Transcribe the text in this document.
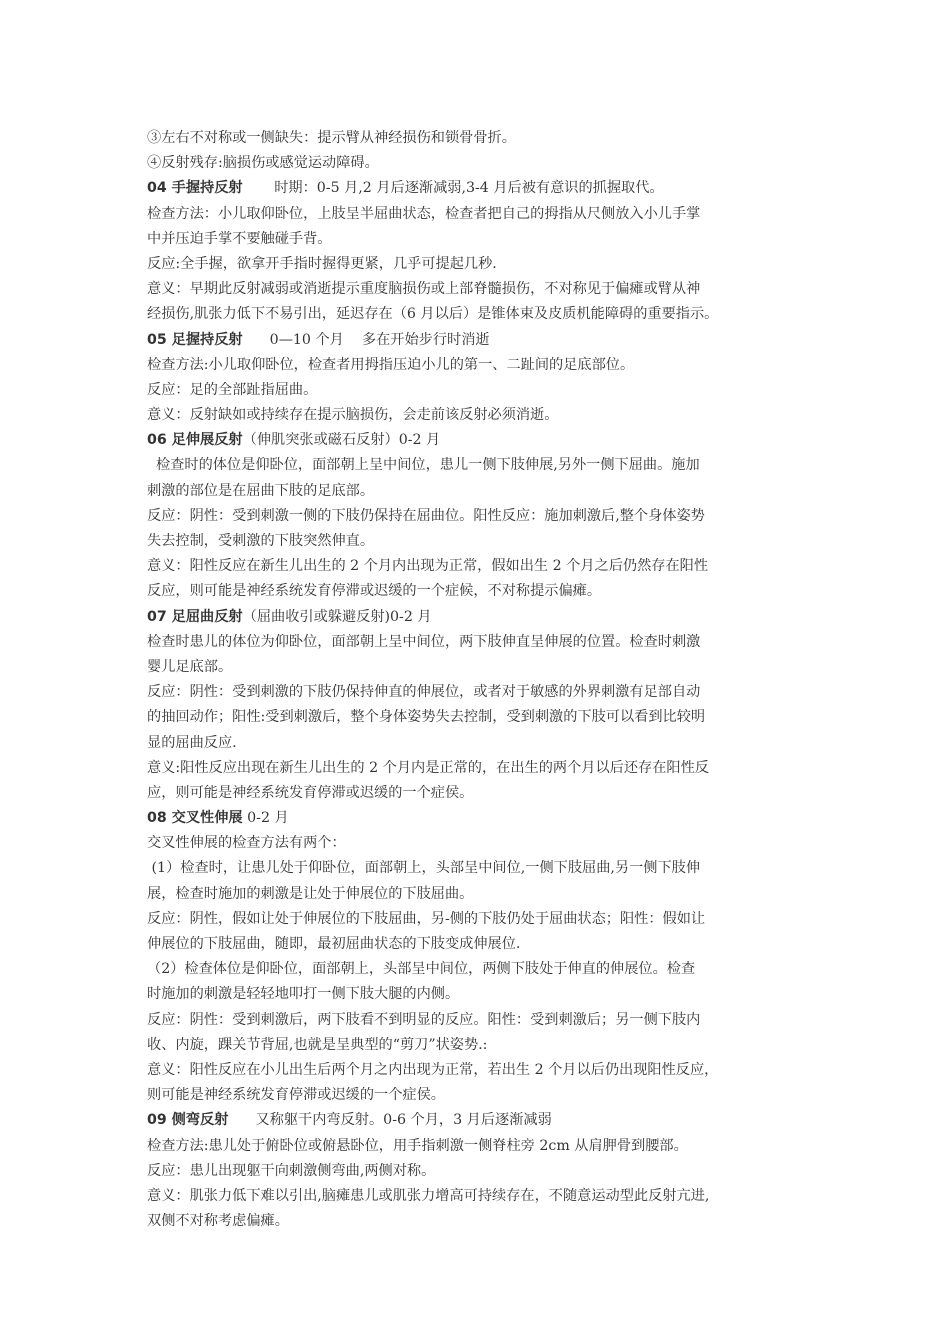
③左右不对称或一侧缺失：提示臂从神经损伤和锁骨骨折。
④反射残存:脑损伤或感觉运动障碍。
04 手握持反射       时期：0-5 月,2 月后逐渐减弱,3-4 月后被有意识的抓握取代。
检查方法：小儿取仰卧位，上肢呈半屈曲状态，检查者把自己的拇指从尺侧放入小儿手掌
中并压迫手掌不要触碰手背。
反应:全手握，欲拿开手指时握得更紧，几乎可提起几秒.
意义：早期此反射减弱或消逝提示重度脑损伤或上部脊髓损伤，不对称见于偏瘫或臂从神
经损伤,肌张力低下不易引出，延迟存在（6 月以后）是锥体束及皮质机能障碍的重要指示。
05 足握持反射      0—10 个月    多在开始步行时消逝
检查方法:小儿取仰卧位，检查者用拇指压迫小儿的第一、二趾间的足底部位。
反应：足的全部趾指屈曲。
意义：反射缺如或持续存在提示脑损伤，会走前该反射必须消逝。
06 足伸展反射（伸肌突张或磁石反射）0-2 月
检查时的体位是仰卧位，面部朝上呈中间位，患儿一侧下肢伸展,另外一侧下屈曲。施加
刺激的部位是在屈曲下肢的足底部。
反应：阴性：受到刺激一侧的下肢仍保持在屈曲位。阳性反应：施加刺激后,整个身体姿势
失去控制，受刺激的下肢突然伸直。
意义：阳性反应在新生儿出生的 2 个月内出现为正常，假如出生 2 个月之后仍然存在阳性
反应，则可能是神经系统发育停滞或迟缓的一个症候，不对称提示偏瘫。
07 足屈曲反射（屈曲收引或躲避反射)0-2 月
检查时患儿的体位为仰卧位，面部朝上呈中间位，两下肢伸直呈伸展的位置。检查时刺激
婴儿足底部。
反应：阴性：受到刺激的下肢仍保持伸直的伸展位，或者对于敏感的外界刺激有足部自动
的抽回动作；阳性:受到刺激后，整个身体姿势失去控制，受到刺激的下肢可以看到比较明
显的屈曲反应.
意义:阳性反应出现在新生儿出生的 2 个月内是正常的，在出生的两个月以后还存在阳性反
应，则可能是神经系统发育停滞或迟缓的一个症侯。
08 交叉性伸展 0-2 月
交叉性伸展的检查方法有两个：
(1）检查时，让患儿处于仰卧位，面部朝上，头部呈中间位,一侧下肢屈曲,另一侧下肢伸
展，检查时施加的刺激是让处于伸展位的下肢屈曲。
反应：阴性，假如让处于伸展位的下肢屈曲，另-侧的下肢仍处于屈曲状态；阳性：假如让
伸展位的下肢屈曲，随即，最初屈曲状态的下肢变成伸展位.
（2）检查体位是仰卧位，面部朝上，头部呈中间位，两侧下肢处于伸直的伸展位。检查
时施加的刺激是轻轻地叩打一侧下肢大腿的内侧。
反应：阴性：受到刺激后，两下肢看不到明显的反应。阳性：受到刺激后；另一侧下肢内
收、内旋，踝关节背屈,也就是呈典型的“剪刀”状姿势.:
意义：阳性反应在小儿出生后两个月之内出现为正常，若出生 2 个月以后仍出现阳性反应，
则可能是神经系统发育停滞或迟缓的一个症侯。
09 侧弯反射      又称躯干内弯反射。0-6 个月，3 月后逐渐减弱
检查方法:患儿处于俯卧位或俯悬卧位，用手指刺激一侧脊柱旁 2cm 从肩胛骨到腰部。
反应：患儿出现躯干向刺激侧弯曲,两侧对称。
意义：肌张力低下难以引出,脑瘫患儿或肌张力增高可持续存在，不随意运动型此反射亢进,
双侧不对称考虑偏瘫。
